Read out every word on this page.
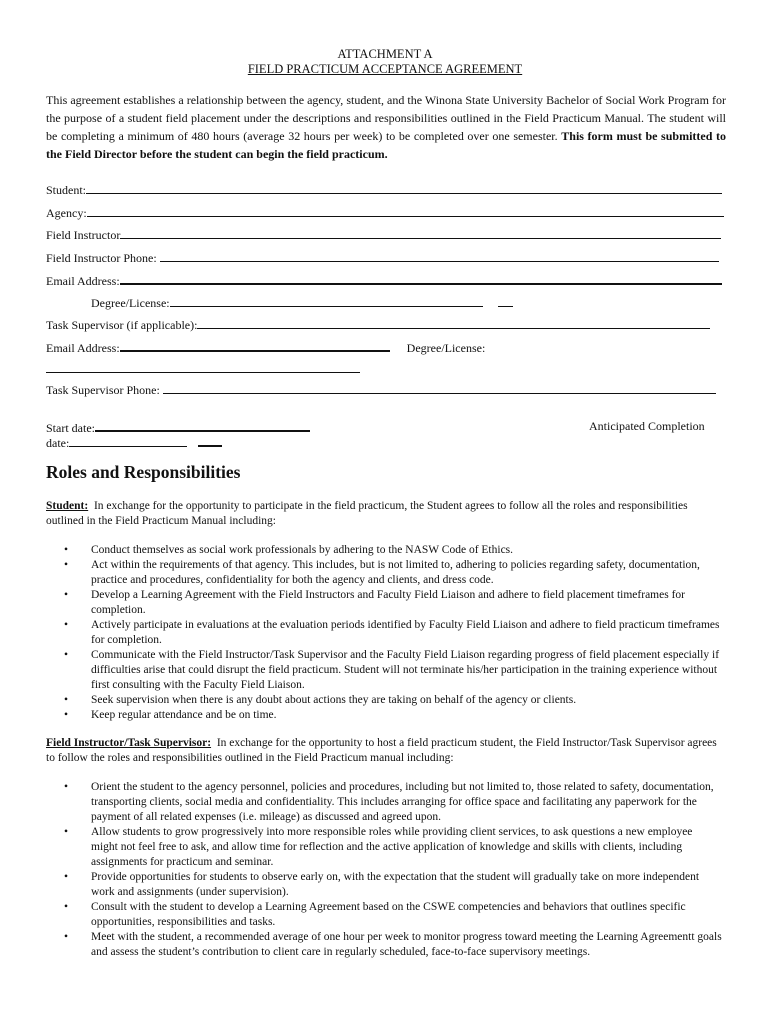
ATTACHMENT A
FIELD PRACTICUM ACCEPTANCE AGREEMENT
This agreement establishes a relationship between the agency, student, and the Winona State University Bachelor of Social Work Program for the purpose of a student field placement under the descriptions and responsibilities outlined in the Field Practicum Manual. The student will be completing a minimum of 480 hours (average 32 hours per week) to be completed over one semester. This form must be submitted to the Field Director before the student can begin the field practicum.
Student:
Agency:
Field Instructor
Field Instructor Phone:
Email Address:
Degree/License:
Task Supervisor (if applicable):
Email Address:	Degree/License:
Task Supervisor Phone:
Start date:	Anticipated Completion
date:
Roles and Responsibilities
Student: In exchange for the opportunity to participate in the field practicum, the Student agrees to follow all the roles and responsibilities outlined in the Field Practicum Manual including:
• Conduct themselves as social work professionals by adhering to the NASW Code of Ethics.
• Act within the requirements of that agency. This includes, but is not limited to, adhering to policies regarding safety, documentation, practice and procedures, confidentiality for both the agency and clients, and dress code.
• Develop a Learning Agreement with the Field Instructors and Faculty Field Liaison and adhere to field placement timeframes for completion.
• Actively participate in evaluations at the evaluation periods identified by Faculty Field Liaison and adhere to field practicum timeframes for completion.
• Communicate with the Field Instructor/Task Supervisor and the Faculty Field Liaison regarding progress of field placement especially if difficulties arise that could disrupt the field practicum. Student will not terminate his/her participation in the training experience without first consulting with the Faculty Field Liaison.
• Seek supervision when there is any doubt about actions they are taking on behalf of the agency or clients.
• Keep regular attendance and be on time.
Field Instructor/Task Supervisor: In exchange for the opportunity to host a field practicum student, the Field Instructor/Task Supervisor agrees to follow the roles and responsibilities outlined in the Field Practicum manual including:
• Orient the student to the agency personnel, policies and procedures, including but not limited to, those related to safety, documentation, transporting clients, social media and confidentiality. This includes arranging for office space and facilitating any paperwork for the payment of all related expenses (i.e. mileage) as discussed and agreed upon.
• Allow students to grow progressively into more responsible roles while providing client services, to ask questions a new employee might not feel free to ask, and allow time for reflection and the active application of knowledge and skills with clients, including assignments for practicum and seminar.
• Provide opportunities for students to observe early on, with the expectation that the student will gradually take on more independent work and assignments (under supervision).
• Consult with the student to develop a Learning Agreement based on the CSWE competencies and behaviors that outlines specific opportunities, responsibilities and tasks.
• Meet with the student, a recommended average of one hour per week to monitor progress toward meeting the Learning Agreementt goals and assess the student’s contribution to client care in regularly scheduled, face-to-face supervisory meetings.
